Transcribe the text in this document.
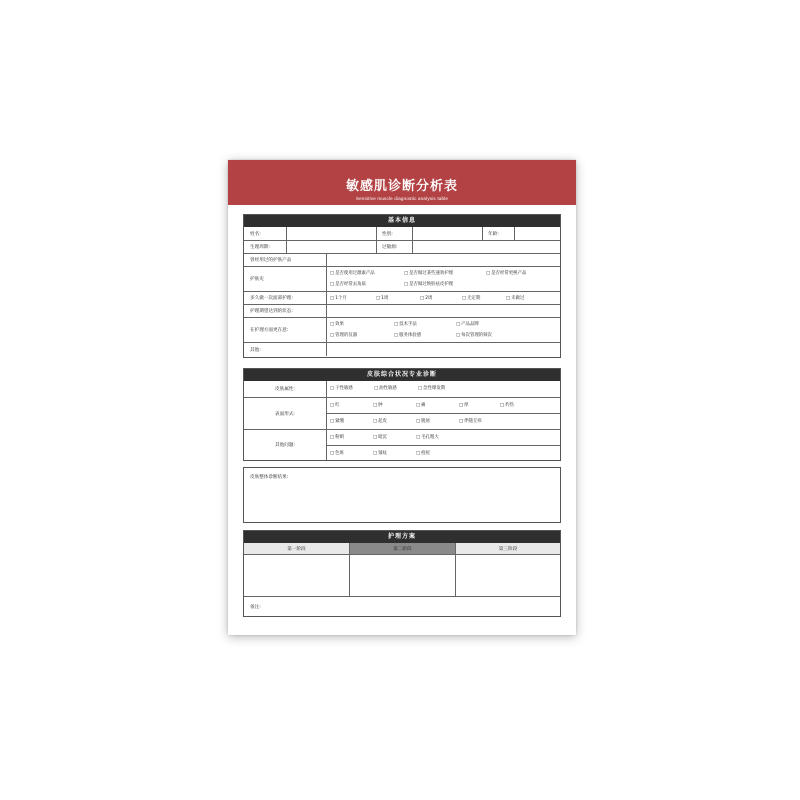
敏感肌诊断分析表
Sensitive muscle diagnostic analysis table
基本信息
姓名:	性别:	年龄:
生理周期:	过敏源:
曾经用过的护肤产品
护肤史
□ 是否使用过激素产品	□ 是否做过某些速效护理	□ 是否经常更换产品
□ 是否经常去角质	□ 是否做过焕肤祛皮护理
多久做一次面部护理:	□ 1个月	□ 1周	□ 2周	□ 无定期	□ 未做过
护理期望达到的状态:
在护理方面更在意:
□ 效果	□ 技术手法	□ 产品品牌
□ 管理的仪器	□ 服务体验感	□ 每次管理的频次
其他:
皮肤综合状况专业诊断
皮肤属性:	□ 干性敏感	□ 油性敏感	□ 急性爆发期
表面形式:
□ 红	□ 肿	□ 痛	□ 痒	□ 灼热
□ 紧绷	□ 起皮	□ 脱屑	□ 伴随丘疹
其他问题:
□ 粉刺	□ 暗沉	□ 毛孔粗大
□ 色斑	□ 皱纹	□ 痘痘
皮肤整体诊断结果:
护理方案
第一阶段	第二阶段	第三阶段
备注:
